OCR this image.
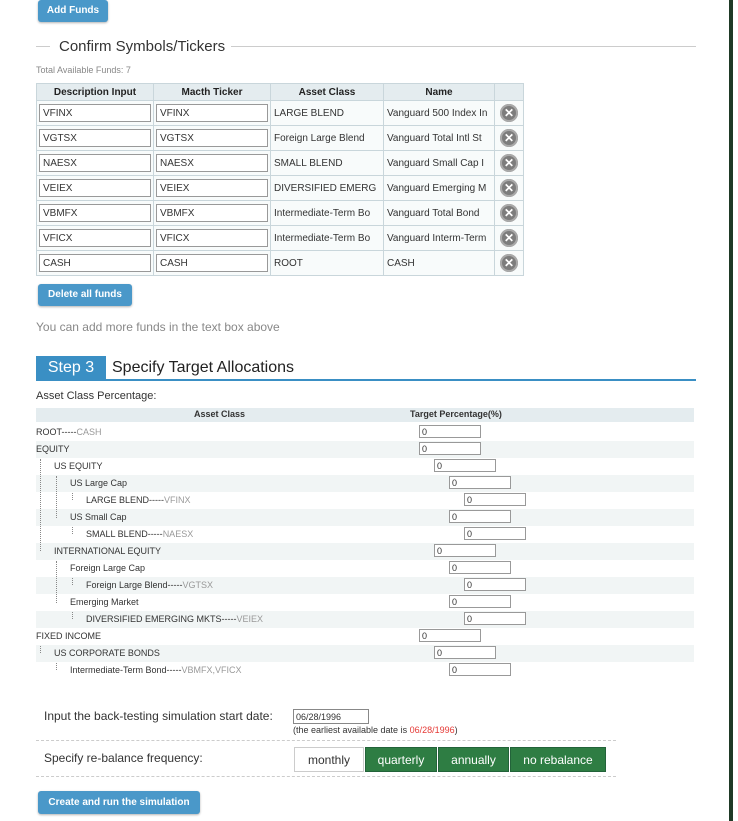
Add Funds
Confirm Symbols/Tickers
Total Available Funds: 7
Description Input	Macth Ticker	Asset Class	Name	

VFINX	VFINX	LARGE BLEND	Vanguard 500 Index In	✕

VGTSX	VGTSX	Foreign Large Blend	Vanguard Total Intl St	✕

NAESX	NAESX	SMALL BLEND	Vanguard Small Cap I	✕

VEIEX	VEIEX	DIVERSIFIED EMERG	Vanguard Emerging M	✕

VBMFX	VBMFX	Intermediate-Term Bo	Vanguard Total Bond	✕

VFICX	VFICX	Intermediate-Term Bo	Vanguard Interm-Term	✕

CASH	CASH	ROOT	CASH	✕
Delete all funds
You can add more funds in the text box above
Step 3	Specify Target Allocations
Asset Class Percentage:
Asset Class	Target Percentage(%)
ROOT-----CASH	0
EQUITY	0
US EQUITY	0
US Large Cap	0
LARGE BLEND-----VFINX	0
US Small Cap	0
SMALL BLEND-----NAESX	0
INTERNATIONAL EQUITY	0
Foreign Large Cap	0
Foreign Large Blend-----VGTSX	0
Emerging Market	0
DIVERSIFIED EMERGING MKTS-----VEIEX	0
FIXED INCOME	0
US CORPORATE BONDS	0
Intermediate-Term Bond-----VBMFX,VFICX	0
Input the back-testing simulation start date:	06/28/1996
(the earliest available date is 06/28/1996)
Specify re-balance frequency:	monthly	quarterly	annually	no rebalance
Create and run the simulation
